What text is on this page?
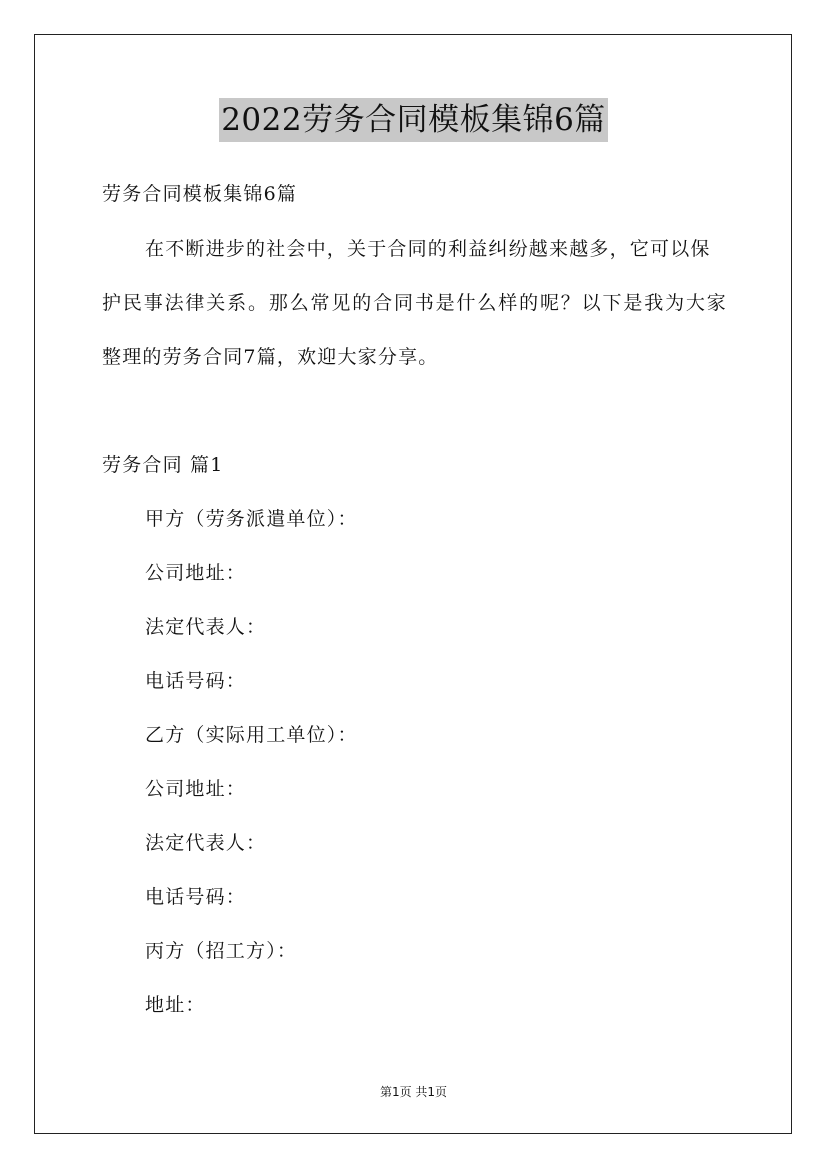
2022劳务合同模板集锦6篇
劳务合同模板集锦6篇
在不断进步的社会中，关于合同的利益纠纷越来越多，它可以保
护民事法律关系。那么常见的合同书是什么样的呢？以下是我为大家
整理的劳务合同7篇，欢迎大家分享。
劳务合同 篇1
甲方（劳务派遣单位）：
公司地址：
法定代表人：
电话号码：
乙方（实际用工单位）：
公司地址：
法定代表人：
电话号码：
丙方（招工方）：
地址：
第1页 共1页
